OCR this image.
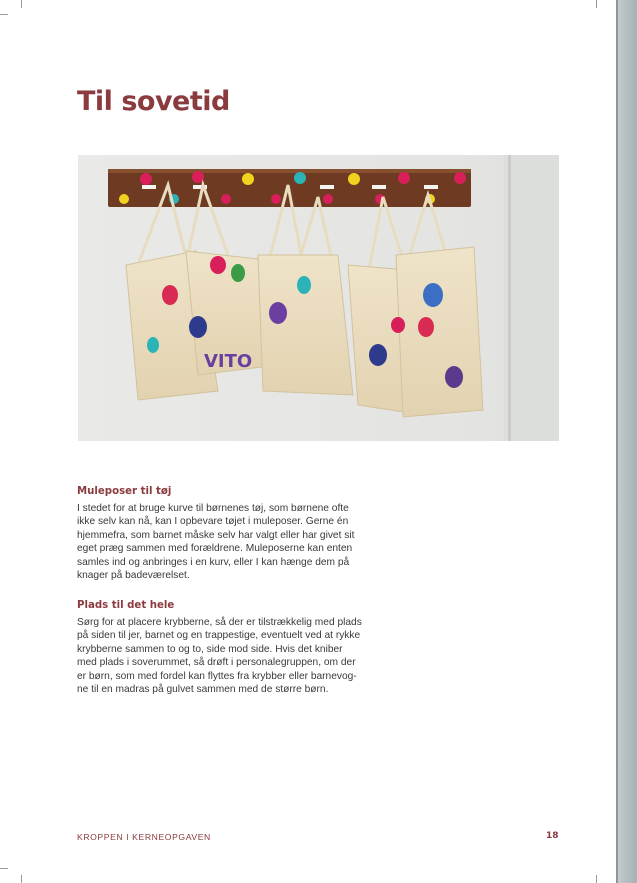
Til sovetid
VITO
Muleposer til tøj

I stedet for at bruge kurve til børnenes tøj, som børnene ofte
ikke selv kan nå, kan I opbevare tøjet i muleposer. Gerne én
hjemmefra, som barnet måske selv har valgt eller har givet sit
eget præg sammen med forældrene. Muleposerne kan enten
samles ind og anbringes i en kurv, eller I kan hænge dem på
knager på badeværelset.

Plads til det hele

Sørg for at placere krybberne, så der er tilstrækkelig med plads
på siden til jer, barnet og en trappestige, eventuelt ved at rykke
krybberne sammen to og to, side mod side. Hvis det kniber
med plads i soverummet, så drøft i personalegruppen, om der
er børn, som med fordel kan flyttes fra krybber eller barnevog-
ne til en madras på gulvet sammen med de større børn.

KROPPEN I KERNEOPGAVEN	18
